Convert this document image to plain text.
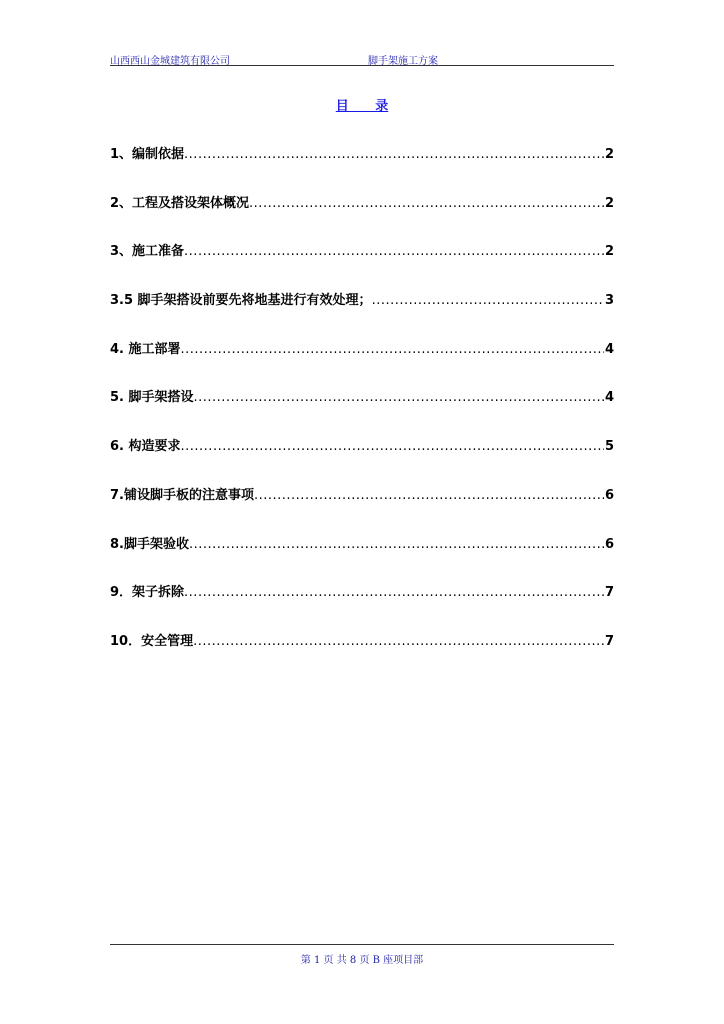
山西西山金城建筑有限公司	脚手架施工方案
目 录
1、编制依据 .....	2
2、工程及搭设架体概况 .....	2
3、施工准备 .....	2
3.5 脚手架搭设前要先将地基进行有效处理； .....	3
4. 施工部署 .....	4
5. 脚手架搭设 .....	4
6. 构造要求 .....	5
7.铺设脚手板的注意事项 .....	6
8.脚手架验收 .....	6
9．架子拆除 .....	7
10．安全管理 .....	7
第 1 页 共 8 页 B 座项目部
